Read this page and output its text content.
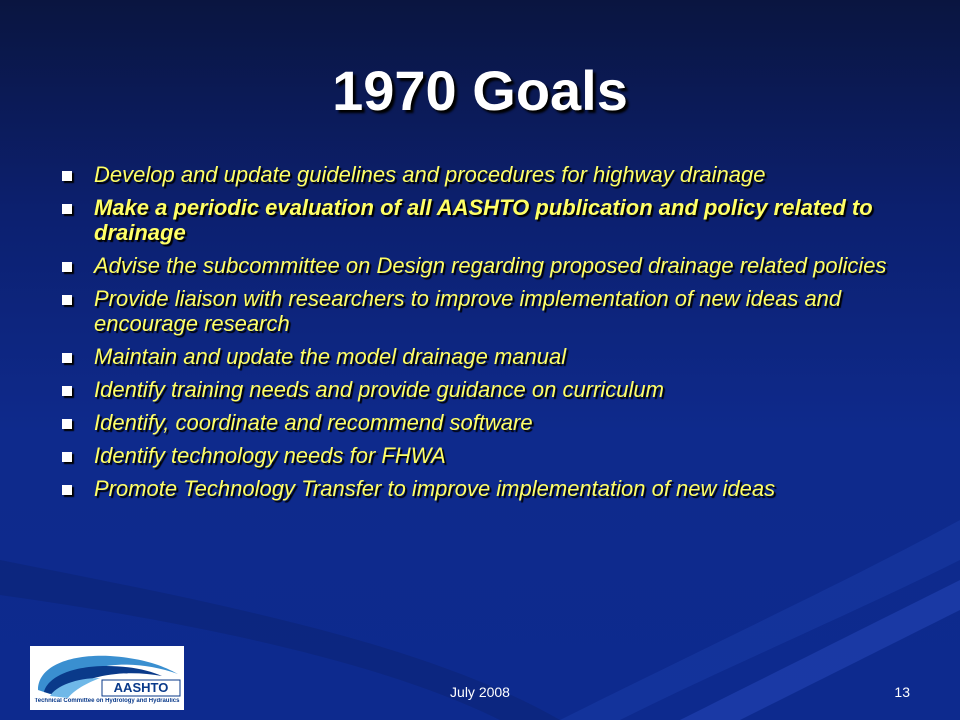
1970 Goals
Develop and update guidelines and procedures for highway drainage
Make a periodic evaluation of all AASHTO publication and policy related to drainage
Advise the subcommittee on Design regarding proposed drainage related policies
Provide liaison with researchers to improve implementation of new ideas and encourage research
Maintain and update the model drainage manual
Identify training needs and provide guidance on curriculum
Identify, coordinate and recommend software
Identify technology needs for FHWA
Promote Technology Transfer to improve implementation of new ideas
AASHTO
Technical Committee on Hydrology and Hydraulics
July 2008	13
